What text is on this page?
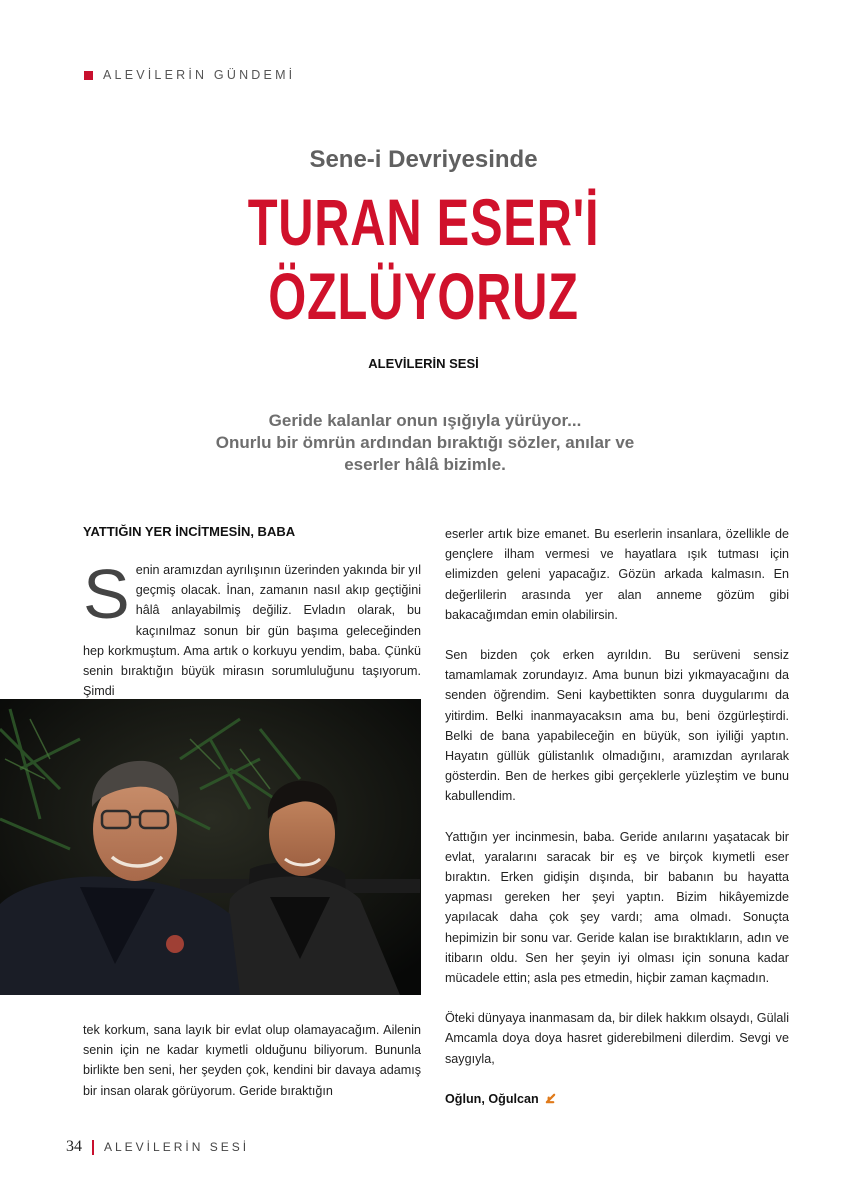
ALEVİLERİN GÜNDEMİ
Sene-i Devriyesinde
TURAN ESER'İ
ÖZLÜYORUZ
ALEVİLERİN SESİ
Geride kalanlar onun ışığıyla yürüyor...
Onurlu bir ömrün ardından bıraktığı sözler, anılar ve
eserler hâlâ bizimle.
YATTIĞIN YER İNCİTMESİN, BABA
Senin aramızdan ayrılışının üzerinden yakında bir yıl geçmiş olacak. İnan, zamanın nasıl akıp geçtiğini hâlâ anlayabilmiş değiliz. Evladın olarak, bu kaçınılmaz sonun bir gün başıma geleceğinden hep korkmuştum. Ama artık o korkuyu yendim, baba. Çünkü senin bıraktığın büyük mirasın sorumluluğunu taşıyorum. Şimdi
tek korkum, sana layık bir evlat olup olamayacağım. Ailenin senin için ne kadar kıymetli olduğunu biliyorum. Bununla birlikte ben seni, her şeyden çok, kendini bir davaya adamış bir insan olarak görüyorum. Geride bıraktığın

eserler artık bize emanet. Bu eserlerin insanlara, özellikle de gençlere ilham vermesi ve hayatlara ışık tutması için elimizden geleni yapacağız. Gözün arkada kalmasın. En değerlilerin arasında yer alan anneme gözüm gibi bakacağımdan emin olabilirsin.

Sen bizden çok erken ayrıldın. Bu serüveni sensiz tamamlamak zorundayız. Ama bunun bizi yıkmayacağını da senden öğrendim. Seni kaybettikten sonra duygularımı da yitirdim. Belki inanmayacaksın ama bu, beni özgürleştirdi. Belki de bana yapabileceğin en büyük, son iyiliği yaptın. Hayatın güllük gülistanlık olmadığını, aramızdan ayrılarak gösterdin. Ben de herkes gibi gerçeklerle yüzleştim ve bunu kabullendim.

Yattığın yer incinmesin, baba. Geride anılarını yaşatacak bir evlat, yaralarını saracak bir eş ve birçok kıymetli eser bıraktın. Erken gidişin dışında, bir babanın bu hayatta yapması gereken her şeyi yaptın. Bizim hikâyemizde yapılacak daha çok şey vardı; ama olmadı. Sonuçta hepimizin bir sonu var. Geride kalan ise bıraktıkların, adın ve itibarın oldu. Sen her şeyin iyi olması için sonuna kadar mücadele ettin; asla pes etmedin, hiçbir zaman kaçmadın.

Öteki dünyaya inanmasam da, bir dilek hakkım olsaydı, Gülali Amcamla doya doya hasret giderebilmeni dilerdim. Sevgi ve saygıyla,

Oğlun, Oğulcan
34 ALEVİLERİN SESİ
